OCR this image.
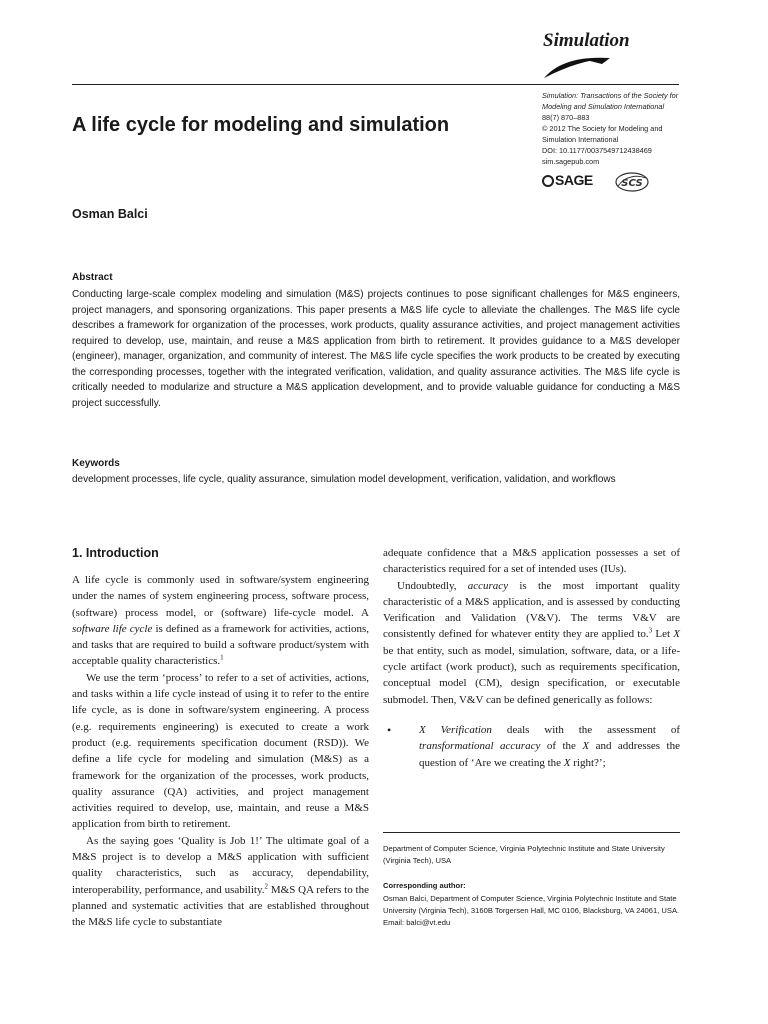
Simulation
Simulation: Transactions of the Society for Modeling and Simulation International
88(7) 870–883
© 2012 The Society for Modeling and Simulation International
DOI: 10.1177/0037549712438469
sim.sagepub.com
SAGE	SCS
A life cycle for modeling and simulation
Osman Balci
Abstract
Conducting large-scale complex modeling and simulation (M&S) projects continues to pose significant challenges for M&S engineers, project managers, and sponsoring organizations. This paper presents a M&S life cycle to alleviate the challenges. The M&S life cycle describes a framework for organization of the processes, work products, quality assurance activities, and project management activities required to develop, use, maintain, and reuse a M&S application from birth to retirement. It provides guidance to a M&S developer (engineer), manager, organization, and community of interest. The M&S life cycle specifies the work products to be created by executing the corresponding processes, together with the integrated verification, validation, and quality assurance activities. The M&S life cycle is critically needed to modularize and structure a M&S application development, and to provide valuable guidance for conducting a M&S project successfully.
Keywords
development processes, life cycle, quality assurance, simulation model development, verification, validation, and workflows
1. Introduction

A life cycle is commonly used in software/system engineering under the names of system engineering process, software process, (software) process model, or (software) life-cycle model. A software life cycle is defined as a framework for activities, actions, and tasks that are required to build a software product/system with acceptable quality characteristics.$^1$

We use the term ‘process’ to refer to a set of activities, actions, and tasks within a life cycle instead of using it to refer to the entire life cycle, as is done in software/system engineering. A process (e.g. requirements engineering) is executed to create a work product (e.g. requirements specification document (RSD)). We define a life cycle for modeling and simulation (M&S) as a framework for the organization of the processes, work products, quality assurance (QA) activities, and project management activities required to develop, use, maintain, and reuse a M&S application from birth to retirement.

As the saying goes ‘Quality is Job 1!’ The ultimate goal of a M&S project is to develop a M&S application with sufficient quality characteristics, such as accuracy, dependability, interoperability, performance, and usability.$^2$ M&S QA refers to the planned and systematic activities that are established throughout the M&S life cycle to substantiate

adequate confidence that a M&S application possesses a set of characteristics required for a set of intended uses (IUs).

Undoubtedly, accuracy is the most important quality characteristic of a M&S application, and is assessed by conducting Verification and Validation (V&V). The terms V&V are consistently defined for whatever entity they are applied to.$^3$ Let X be that entity, such as model, simulation, software, data, or a life-cycle artifact (work product), such as requirements specification, conceptual model (CM), design specification, or executable submodel. Then, V&V can be defined generically as follows:

•	X Verification deals with the assessment of transformational accuracy of the X and addresses the question of ‘Are we creating the X right?’;
Department of Computer Science, Virginia Polytechnic Institute and State University (Virginia Tech), USA
Corresponding author:
Osman Balci, Department of Computer Science, Virginia Polytechnic Institute and State University (Virginia Tech), 3160B Torgersen Hall, MC 0106, Blacksburg, VA 24061, USA.
Email: balci@vt.edu
